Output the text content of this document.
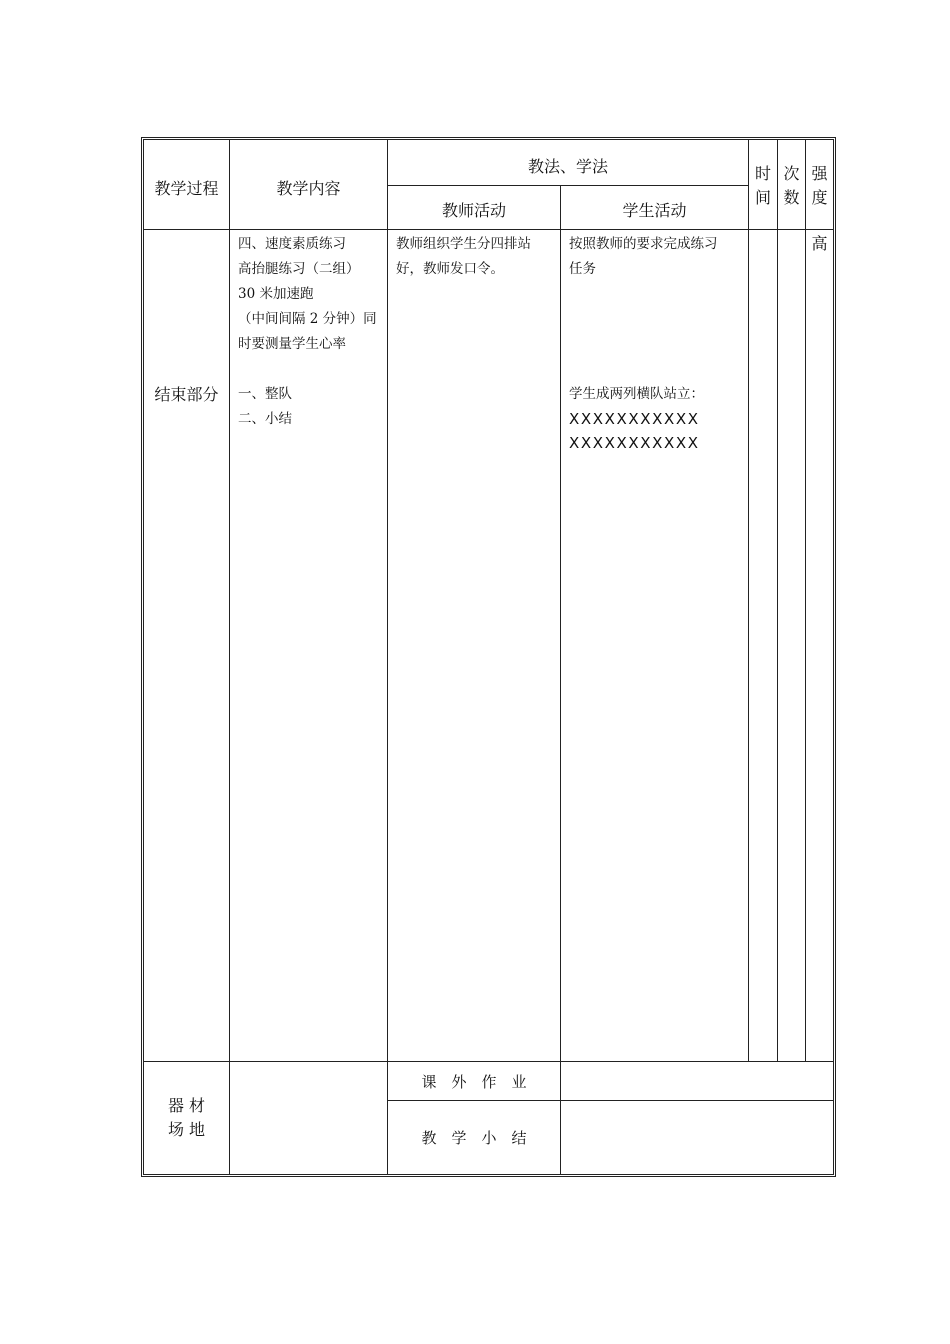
教学过程	教学内容
教法、学法
教师活动	学生活动
时
间
次
数
强
度
结束部分
四、速度素质练习
高抬腿练习（二组）
30 米加速跑
（中间间隔 2 分钟）同
时要测量学生心率
一、整队
二、小结
教师组织学生分四排站
好，教师发口令。
按照教师的要求完成练习
任务
学生成两列横队站立：
XXXXXXXXXXX
XXXXXXXXXXX
高
器 材
场 地
课　外　作　业
教　学　小　结
